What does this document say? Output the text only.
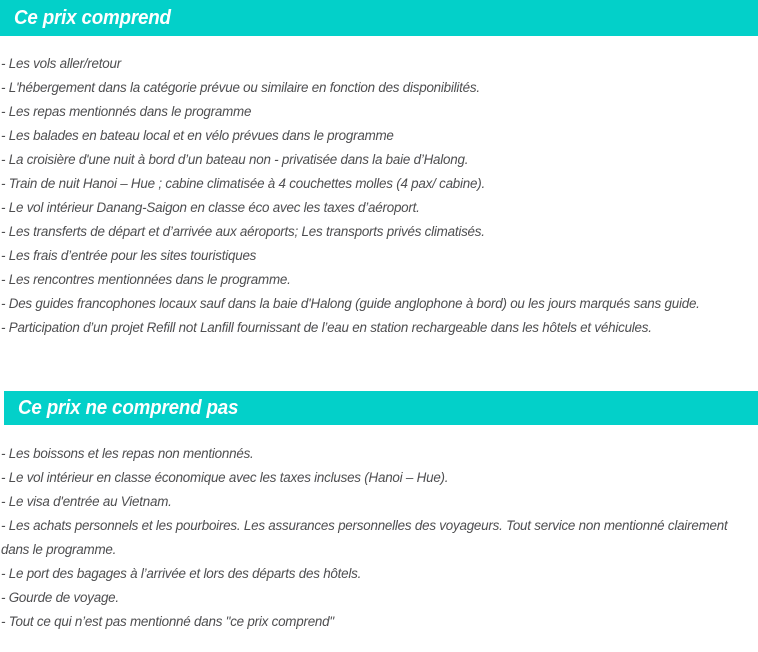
Ce prix comprend
- Les vols aller/retour
- L'hébergement dans la catégorie prévue ou similaire en fonction des disponibilités.
- Les repas mentionnés dans le programme
- Les balades en bateau local et en vélo prévues dans le programme
- La croisière d'une nuit à bord d’un bateau non - privatisée dans la baie d’Halong.
- Train de nuit Hanoi – Hue ; cabine climatisée à 4 couchettes molles (4 pax/ cabine).
- Le vol intérieur Danang-Saigon en classe éco avec les taxes d’aéroport.
- Les transferts de départ et d’arrivée aux aéroports; Les transports privés climatisés.
- Les frais d’entrée pour les sites touristiques
- Les rencontres mentionnées dans le programme.
- Des guides francophones locaux sauf dans la baie d'Halong (guide anglophone à bord) ou les jours marqués sans guide.
- Participation d’un projet Refill not Lanfill fournissant de l’eau en station rechargeable dans les hôtels et véhicules.
Ce prix ne comprend pas
- Les boissons et les repas non mentionnés.
- Le vol intérieur en classe économique avec les taxes incluses (Hanoi – Hue).
- Le visa d'entrée au Vietnam.
- Les achats personnels et les pourboires. Les assurances personnelles des voyageurs. Tout service non mentionné clairement dans le programme.
- Le port des bagages à l’arrivée et lors des départs des hôtels.
- Gourde de voyage.
- Tout ce qui n’est pas mentionné dans "ce prix comprend"
